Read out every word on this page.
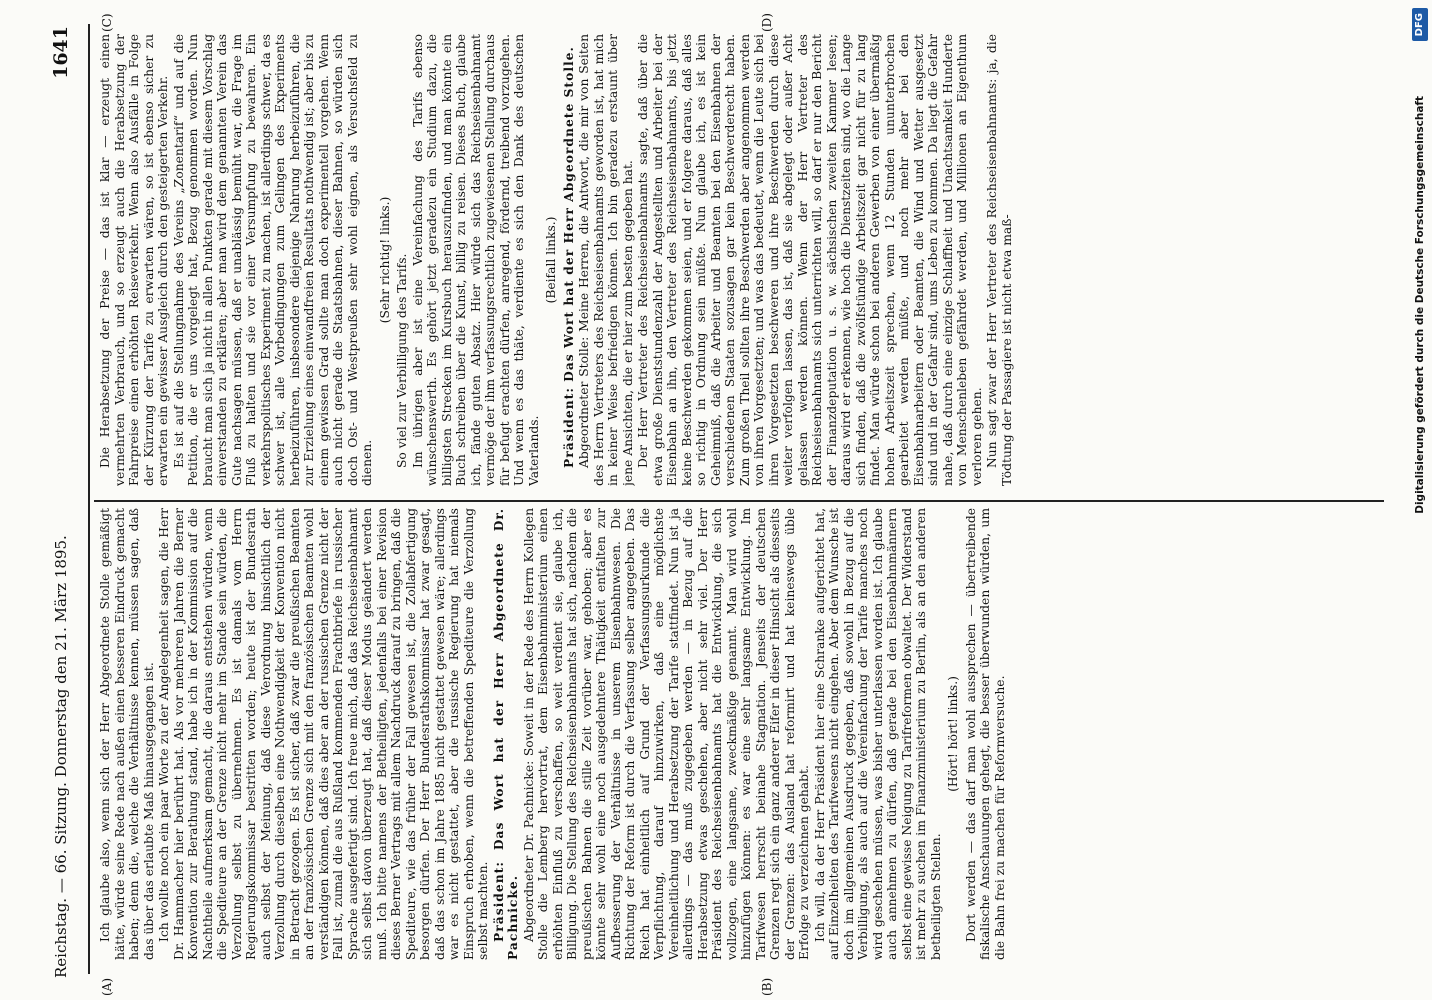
Reichstag. — 66. Sitzung. Donnerstag den 21. März 1895.
1641
(A)	(B)
(C)	(D)

Ich glaube also, wenn sich der Herr Abgeordnete Stolle gemäßigt hätte, würde seine Rede nach außen einen besseren Eindruck gemacht haben; denn die, welche die Verhältnisse kennen, müssen sagen, daß das über das erlaubte Maß hinausgegangen ist. Ich wollte noch ein paar Worte zu der Angelegenheit sagen, die Herr Dr. Hammacher hier berührt hat. Als vor mehreren Jahren die Berner Konvention zur Berathung stand, habe ich in der Kommission auf die Nachtheile aufmerksam gemacht, die daraus entstehen würden, wenn die Spediteure an der Grenze nicht mehr im Stande sein würden, die Verzollung selbst zu übernehmen. Es ist damals vom Herrn Regierungskommissar bestritten worden; heute ist der Bundesrath auch selbst der Meinung, daß diese Verordnung hinsichtlich der Verzollung durch dieselben eine Nothwendigkeit der Konvention nicht in Betracht gezogen. Es ist sicher, daß zwar die preußischen Beamten an der französischen Grenze sich mit den französischen Beamten wohl verständigen können, daß dies aber an der russischen Grenze nicht der Fall ist, zumal die aus Rußland kommenden Frachtbriefe in russischer Sprache ausgefertigt sind. Ich freue mich, daß das Reichseisenbahnamt sich selbst davon überzeugt hat, daß dieser Modus geändert werden muß. Ich bitte namens der Betheiligten, jedenfalls bei einer Revision dieses Berner Vertrags mit allem Nachdruck darauf zu bringen, daß die Spediteure, wie das früher der Fall gewesen ist, die Zollabfertigung besorgen dürfen. Der Herr Bundesrathskommissar hat zwar gesagt, daß das schon im Jahre 1885 nicht gestattet gewesen wäre; allerdings war es nicht gestattet, aber die russische Regierung hat niemals Einspruch erhoben, wenn die betreffenden Spediteure die Verzollung selbst machten. Präsident: Das Wort hat der Herr Abgeordnete Dr. Pachnicke. Abgeordneter Dr. Pachnicke: Soweit in der Rede des Herrn Kollegen Stolle die Lemberg hervortrat, dem Eisenbahnministerium einen erhöhten Einfluß zu verschaffen, so weit verdient sie, glaube ich, Billigung. Die Stellung des Reichseisenbahnamts hat sich, nachdem die preußischen Bahnen die stille Zeit vorüber war, gehoben; aber es könnte sehr wohl eine noch ausgedehntere Thätigkeit entfalten zur Aufbesserung der Verhältnisse in unserem Eisenbahnwesen. Die Richtung der Reform ist durch die Verfassung selber angegeben. Das Reich hat einheitlich auf Grund der Verfassungsurkunde die Verpflichtung, darauf hinzuwirken, daß eine möglichste Vereinheitlichung und Herabsetzung der Tarife stattfindet. Nun ist ja allerdings — das muß zugegeben werden — in Bezug auf die Herabsetzung etwas geschehen, aber nicht sehr viel. Der Herr Präsident des Reichseisenbahnamts hat die Entwicklung, die sich vollzogen, eine langsame, zweckmäßige genannt. Man wird wohl hinzufügen können: es war eine sehr langsame Entwicklung. Im Tarifwesen herrscht beinahe Stagnation. Jenseits der deutschen Grenzen regt sich ein ganz anderer Eifer in dieser Hinsicht als diesseits der Grenzen: das Ausland hat reformirt und hat keineswegs üble Erfolge zu verzeichnen gehabt. Ich will, da der Herr Präsident hier eine Schranke aufgerichtet hat, auf Einzelheiten des Tarifwesens nicht eingehen. Aber dem Wunsche ist doch im allgemeinen Ausdruck gegeben, daß sowohl in Bezug auf die Verbilligung, als auch auf die Vereinfachung der Tarife manches noch wird geschehen müssen, was bisher unterlassen worden ist. Ich glaube auch annehmen zu dürfen, daß gerade bei den Eisenbahnmännern selbst eine gewisse Neigung zu Tarifreformen obwaltet. Der Widerstand ist mehr zu suchen im Finanzministerium zu Berlin, als an den anderen betheiligten Stellen.

(Hört! hört! links.) Dort werden — das darf man wohl aussprechen — übertreibende fiskalische Anschauungen gehegt, die besser überwunden würden, um die Bahn frei zu machen für Reformversuche.

Die Herabsetzung der Preise — das ist klar — erzeugt einen vermehrten Verbrauch, und so erzeugt auch die Herabsetzung der Fahrpreise einen erhöhten Reiseverkehr. Wenn also Ausfälle in Folge der Kürzung der Tarife zu erwarten wären, so ist ebenso sicher zu erwarten ein gewisser Ausgleich durch den gesteigerten Verkehr. Es ist auf die Stellungnahme des Vereins „Zonentarif“ und auf die Petition, die er uns vorgelegt hat, Bezug genommen worden. Nun braucht man sich ja nicht in allen Punkten gerade mit diesem Vorschlag einverstanden zu erklären; aber man wird dem genannten Verein das Gute nachsagen müssen, daß er unablässig bemüht war, die Frage im Fluß zu halten und sie vor einer Versumpfung zu bewahren. Ein verkehrspolitisches Experiment zu machen, ist allerdings schwer, da es schwer ist, alle Vorbedingungen zum Gelingen des Experiments herbeizuführen, insbesondere diejenige Nahrung herbeizuführen, die zur Erzielung eines einwandfreien Resultats nothwendig ist; aber bis zu einem gewissen Grad sollte man doch experimentell vorgehen. Wenn auch nicht gerade die Staatsbahnen, dieser Bahnen, so würden sich doch Ost- und Westpreußen sehr wohl eignen, als Versuchsfeld zu dienen.

(Sehr richtig! links.) So viel zur Verbilligung des Tarifs. Im übrigen aber ist eine Vereinfachung des Tarifs ebenso wünschenswerth. Es gehört jetzt geradezu ein Studium dazu, die billigsten Strecken im Kursbuch herauszufinden, und man könnte ein Buch schreiben über die Kunst, billig zu reisen. Dieses Buch, glaube ich, fände guten Absatz. Hier würde sich das Reichseisenbahnamt vermöge der ihm verfassungsrechtlich zugewiesenen Stellung durchaus für befugt erachten dürfen, anregend, fördernd, treibend vorzugehen. Und wenn es das thäte, verdiente es sich den Dank des deutschen Vaterlands.

(Beifall links.) Präsident: Das Wort hat der Herr Abgeordnete Stolle. Abgeordneter Stolle: Meine Herren, die Antwort, die mir von Seiten des Herrn Vertreters des Reichseisenbahnamts geworden ist, hat mich in keiner Weise befriedigen können. Ich bin geradezu erstaunt über jene Ansichten, die er hier zum besten gegeben hat. Der Herr Vertreter des Reichseisenbahnamts sagte, daß über die etwa große Dienststundenzahl der Angestellten und Arbeiter bei der Eisenbahn an ihn, den Vertreter des Reichseisenbahnamts, bis jetzt keine Beschwerden gekommen seien, und er folgere daraus, daß alles so richtig in Ordnung sein müßte. Nun glaube ich, es ist kein Geheimniß, daß die Arbeiter und Beamten bei den Eisenbahnen der verschiedenen Staaten sozusagen gar kein Beschwerderecht haben. Zum großen Theil sollten ihre Beschwerden aber angenommen werden von ihren Vorgesetzten; und was das bedeutet, wenn die Leute sich bei ihren Vorgesetzten beschweren und ihre Beschwerden durch diese weiter verfolgen lassen, das ist, daß sie abgelegt oder außer Acht gelassen werden können. Wenn der Herr Vertreter des Reichseisenbahnamts sich unterrichten will, so darf er nur den Bericht der Finanzdeputation u. s. w. sächsischen zweiten Kammer lesen; daraus wird er erkennen, wie hoch die Dienstzeiten sind, wo die Lange sich finden, daß die zwölfstündige Arbeitszeit gar nicht für zu lang findet. Man würde schon bei anderen Gewerben von einer übermäßig hohen Arbeitszeit sprechen, wenn 12 Stunden ununterbrochen gearbeitet werden müßte, und noch mehr aber bei den Eisenbahnarbeitern oder Beamten, die Wind und Wetter ausgesetzt sind und in der Gefahr sind, ums Leben zu kommen. Da liegt die Gefahr nahe, daß durch eine einzige Schlaffheit und Unachtsamkeit Hunderte von Menschenleben gefährdet werden, und Millionen an Eigenthum verloren gehen. Nun sagt zwar der Herr Vertreter des Reichseisenbahnamts: ja, die Tödtung der Passagiere ist nicht etwa maß-	Digitalisierung gefördert durch die Deutsche Forschungsgemeinschaft
DFG
